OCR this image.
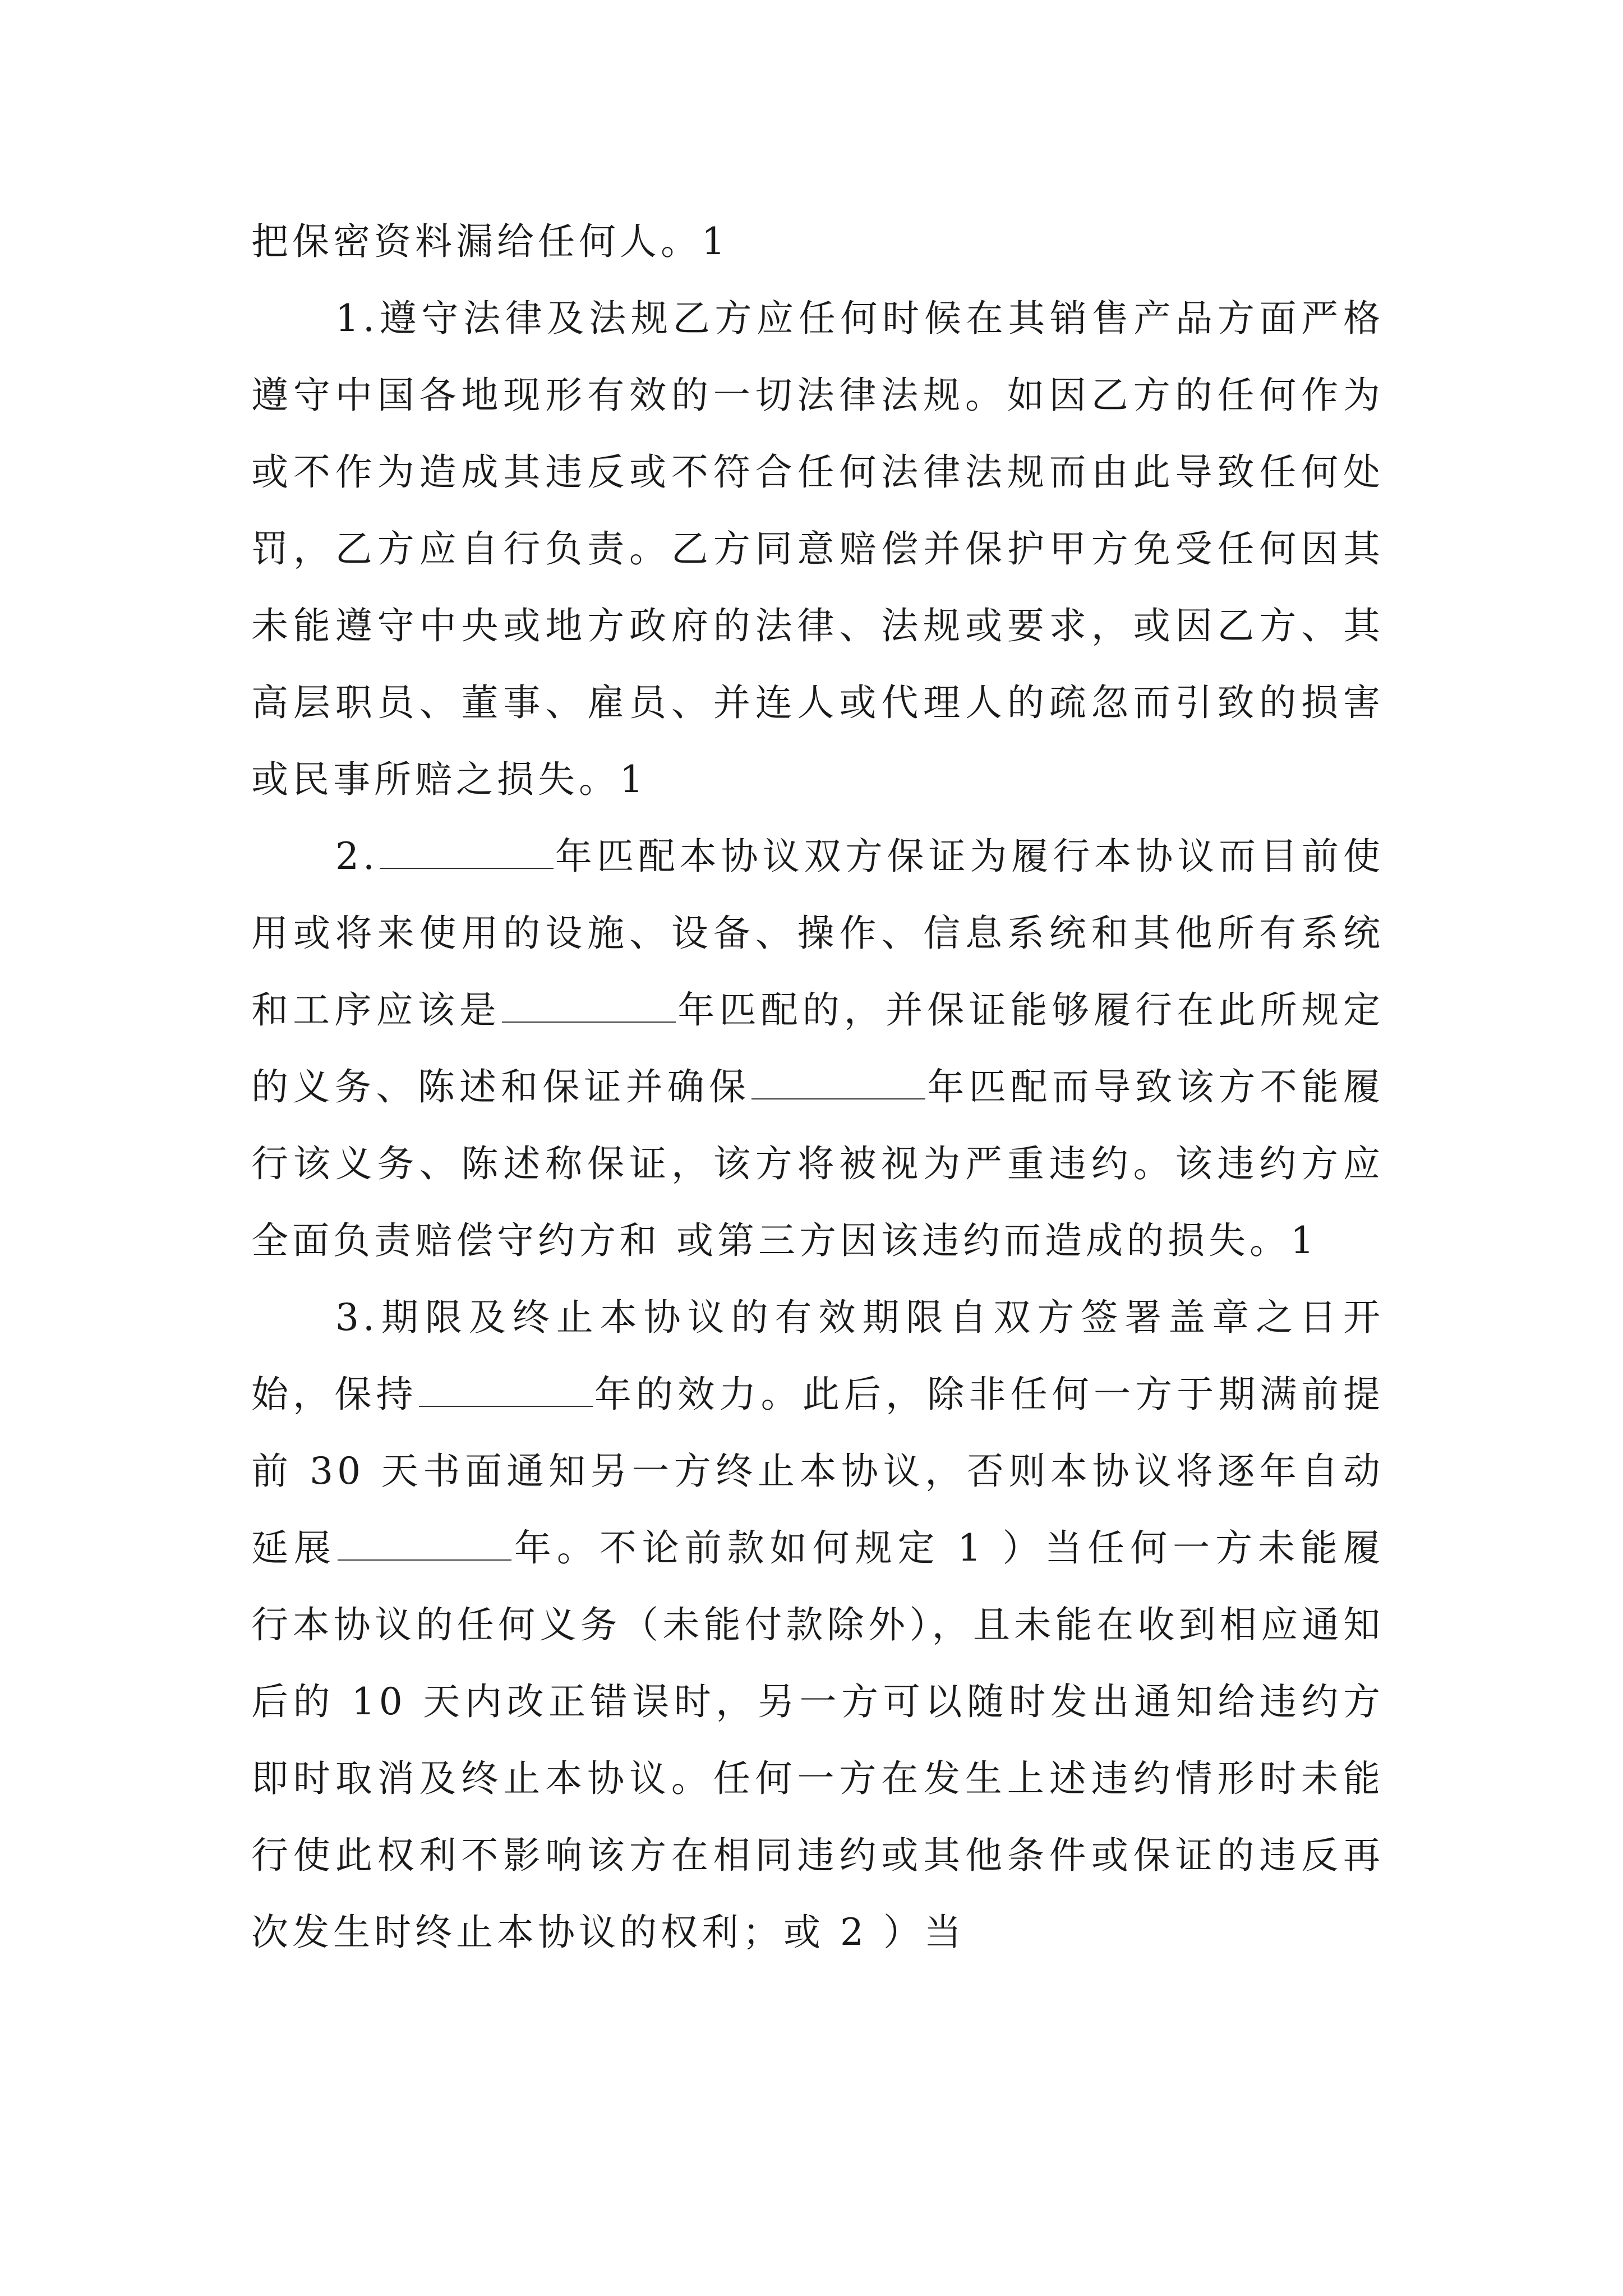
把保密资料漏给任何人。1

1.遵守法律及法规乙方应任何时候在其销售产品方面严格遵守中国各地现形有效的一切法律法规。如因乙方的任何作为或不作为造成其违反或不符合任何法律法规而由此导致任何处罚，乙方应自行负责。乙方同意赔偿并保护甲方免受任何因其未能遵守中央或地方政府的法律、法规或要求，或因乙方、其高层职员、董事、雇员、并连人或代理人的疏忽而引致的损害或民事所赔之损失。1

2.	年匹配本协议双方保证为履行本协议而目前使用或将来使用的设施、设备、操作、信息系统和其他所有系统和工序应该是	年匹配的，并保证能够履行在此所规定的义务、陈述和保证并确保	年匹配而导致该方不能履行该义务、陈述称保证，该方将被视为严重违约。该违约方应全面负责赔偿守约方和 或第三方因该违约而造成的损失。1

3.期限及终止本协议的有效期限自双方签署盖章之日开始，保持	年的效力。此后，除非任何一方于期满前提前 30 天书面通知另一方终止本协议，否则本协议将逐年自动延展	年。不论前款如何规定 1 ）当任何一方未能履行本协议的任何义务（未能付款除外），且未能在收到相应通知后的 10 天内改正错误时，另一方可以随时发出通知给违约方即时取消及终止本协议。任何一方在发生上述违约情形时未能行使此权利不影响该方在相同违约或其他条件或保证的违反再次发生时终止本协议的权利；或 2 ）当
